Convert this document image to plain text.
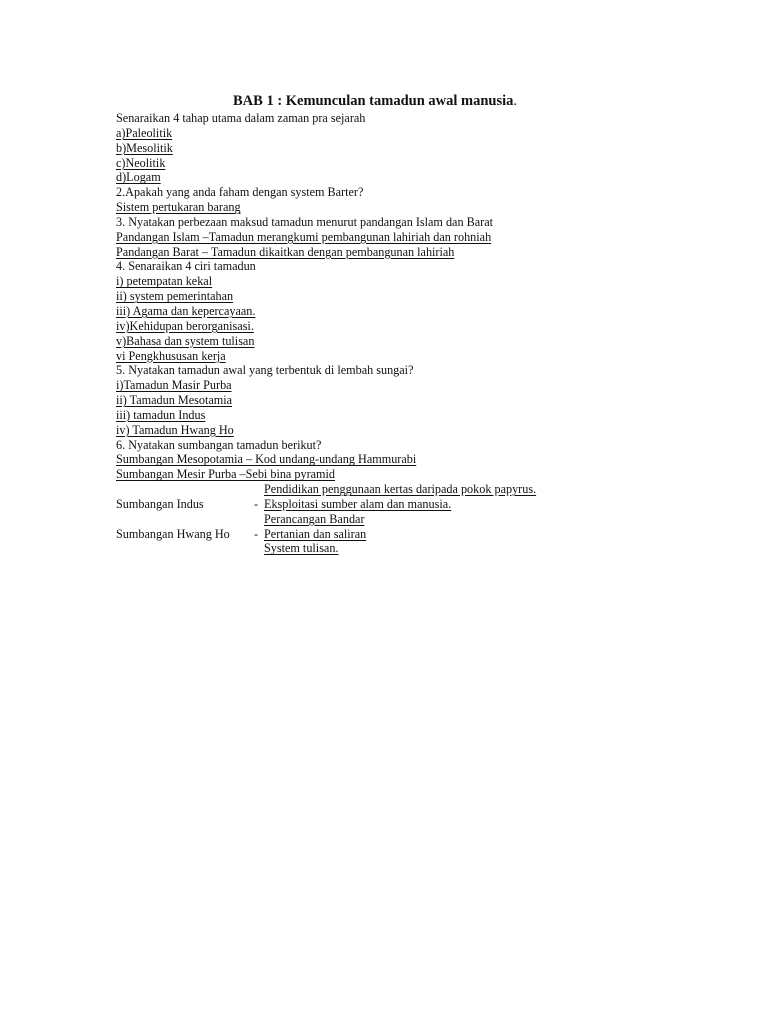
BAB 1 : Kemunculan tamadun awal manusia.
Senaraikan 4 tahap utama dalam zaman pra sejarah
a)Paleolitik
b)Mesolitik
c)Neolitik
d)Logam
2.Apakah yang anda faham dengan system Barter?
Sistem pertukaran barang
3. Nyatakan perbezaan maksud tamadun menurut pandangan Islam dan Barat
Pandangan Islam –Tamadun merangkumi pembangunan lahiriah dan rohniah
Pandangan Barat – Tamadun dikaitkan dengan pembangunan lahiriah
4. Senaraikan 4 ciri tamadun
i) petempatan kekal
ii) system pemerintahan
iii) Agama dan kepercayaan.
iv)Kehidupan berorganisasi.
v)Bahasa dan system tulisan
vi Pengkhususan kerja
5. Nyatakan tamadun awal yang terbentuk di lembah sungai?
i)Tamadun Masir Purba
ii) Tamadun Mesotamia
iii) tamadun Indus
iv) Tamadun Hwang Ho
6. Nyatakan sumbangan tamadun berikut?
Sumbangan Mesopotamia – Kod undang-undang Hammurabi
Sumbangan Mesir Purba –Sebi bina pyramid
Pendidikan penggunaan kertas daripada pokok papyrus.
Sumbangan Indus	- Eksploitasi sumber alam dan manusia.
Perancangan Bandar
Sumbangan Hwang Ho - Pertanian dan saliran
System tulisan.
